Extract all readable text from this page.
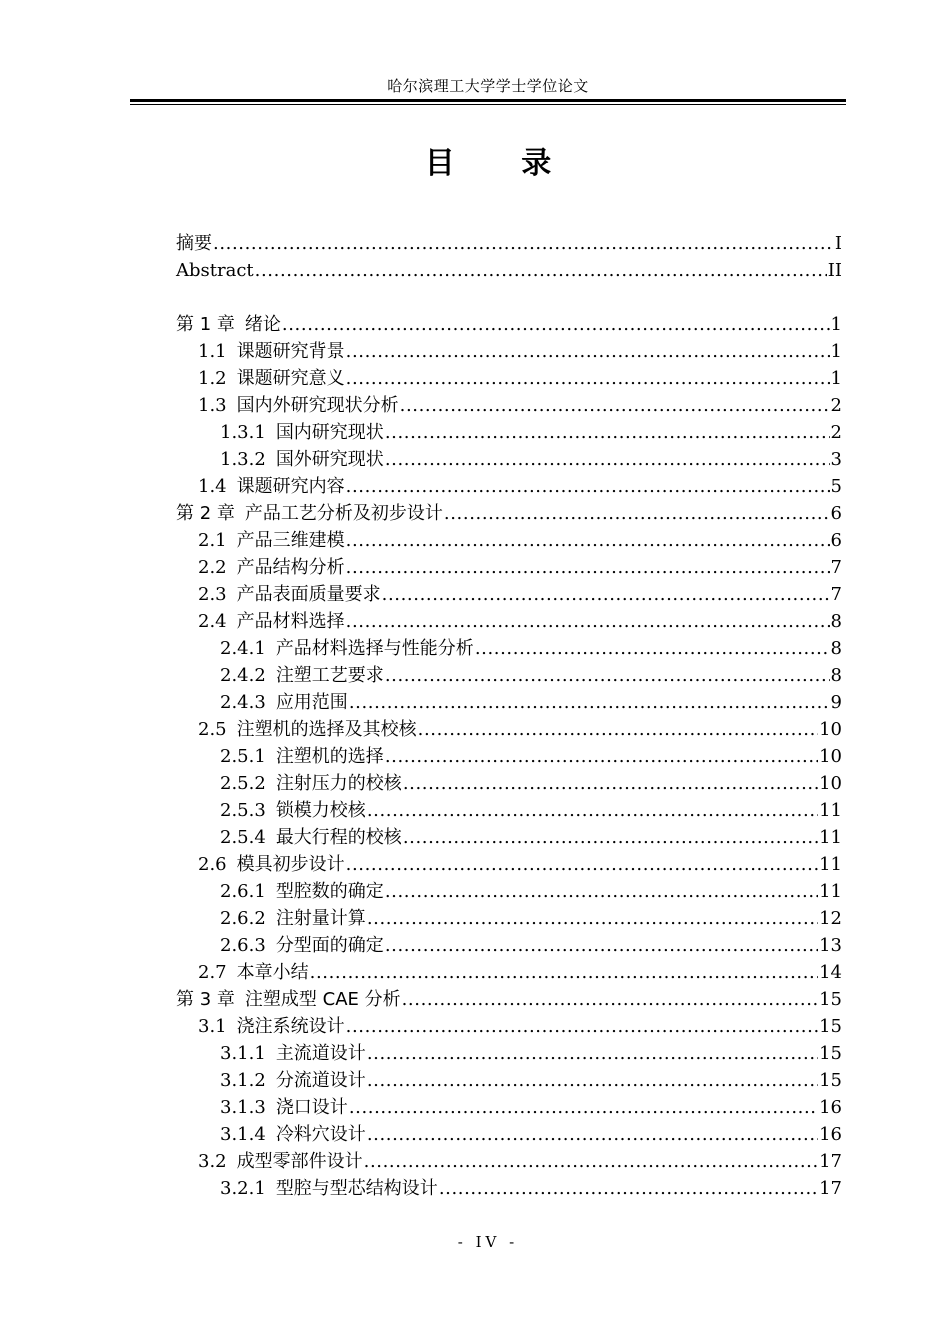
哈尔滨理工大学学士学位论文
目 录
摘要 .....	I
Abstract .....	II
第 1 章 绪论 .....	1
1.1 课题研究背景 .....	1
1.2 课题研究意义 .....	1
1.3 国内外研究现状分析 .....	2
1.3.1 国内研究现状 .....	2
1.3.2 国外研究现状 .....	3
1.4 课题研究内容 .....	5
第 2 章 产品工艺分析及初步设计 .....	6
2.1 产品三维建模 .....	6
2.2 产品结构分析 .....	7
2.3 产品表面质量要求 .....	7
2.4 产品材料选择 .....	8
2.4.1 产品材料选择与性能分析 .....	8
2.4.2 注塑工艺要求 .....	8
2.4.3 应用范围 .....	9
2.5 注塑机的选择及其校核 .....	10
2.5.1 注塑机的选择 .....	10
2.5.2 注射压力的校核 .....	10
2.5.3 锁模力校核 .....	11
2.5.4 最大行程的校核 .....	11
2.6 模具初步设计 .....	11
2.6.1 型腔数的确定 .....	11
2.6.2 注射量计算 .....	12
2.6.3 分型面的确定 .....	13
2.7 本章小结 .....	14
第 3 章 注塑成型 CAE 分析 .....	15
3.1 浇注系统设计 .....	15
3.1.1 主流道设计 .....	15
3.1.2 分流道设计 .....	15
3.1.3 浇口设计 .....	16
3.1.4 冷料穴设计 .....	16
3.2 成型零部件设计 .....	17
3.2.1 型腔与型芯结构设计 .....	17
- IV -
